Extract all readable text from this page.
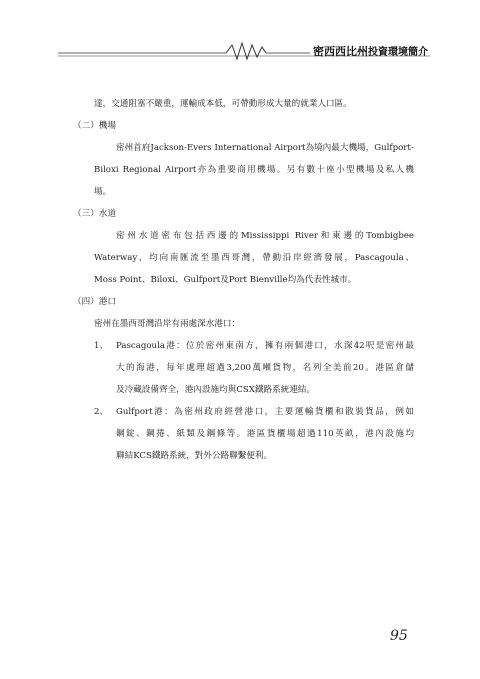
密西西比州投資環境簡介

達，交通阻塞不嚴重，運輸成本低，可帶動形成大量的就業人口區。

（二）機場

密州首府Jackson-Evers International Airport為境內最大機場，Gulfport-

Biloxi Regional Airport亦為重要商用機場。另有數十座小型機場及私人機

場。

（三）水道

密州水道密布包括西邊的Mississippi River和東邊的Tombigbee

Waterway，均向南匯流至墨西哥灣，帶動沿岸經濟發展，Pascagoula、

Moss Point、Biloxi、Gulfport及Port Bienville均為代表性城市。

（四）港口

密州在墨西哥灣沿岸有兩處深水港口：

1、 Pascagoula港：位於密州東南方，擁有兩個港口，水深42呎是密州最
大的海港，每年處理超過3,200萬噸貨物，名列全美前20。港區倉儲
及冷藏設備齊全，港內設施均與CSX鐵路系統連結。
2、 Gulfport港：為密州政府經營港口，主要運輸貨櫃和散裝貨品，例如
鋼錠、鋼捲、紙類及鋼條等。港區貨櫃場超過110英畝，港內設施均
聯結KCS鐵路系統，對外公路聯繫便利。
95
